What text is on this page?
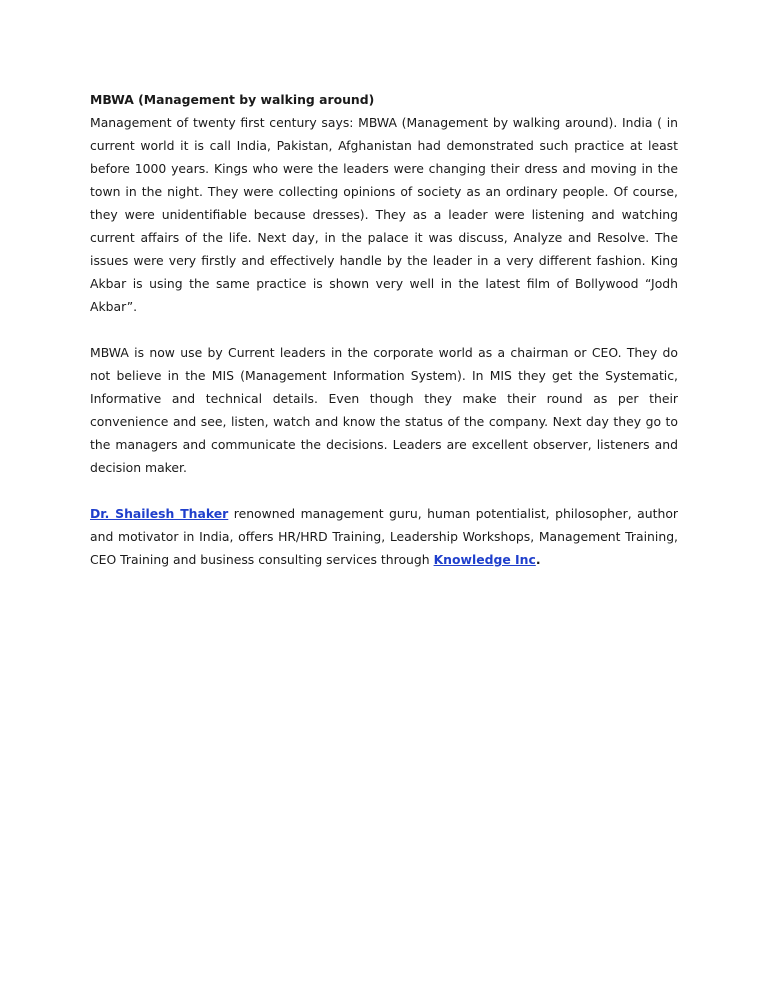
MBWA (Management by walking around)

Management of twenty first century says: MBWA (Management by walking around). India ( in current world it is call India, Pakistan, Afghanistan had demonstrated such practice at least before 1000 years. Kings who were the leaders were changing their dress and moving in the town in the night. They were collecting opinions of society as an ordinary people. Of course, they were unidentifiable because dresses). They as a leader were listening and watching current affairs of the life. Next day, in the palace it was discuss, Analyze and Resolve. The issues were very firstly and effectively handle by the leader in a very different fashion. King Akbar is using the same practice is shown very well in the latest film of Bollywood “Jodh Akbar”.

MBWA is now use by Current leaders in the corporate world as a chairman or CEO. They do not believe in the MIS (Management Information System). In MIS they get the Systematic, Informative and technical details. Even though they make their round as per their convenience and see, listen, watch and know the status of the company. Next day they go to the managers and communicate the decisions. Leaders are excellent observer, listeners and decision maker.

Dr. Shailesh Thaker renowned management guru, human potentialist, philosopher, author and motivator in India, offers HR/HRD Training, Leadership Workshops, Management Training, CEO Training and business consulting services through Knowledge Inc.
